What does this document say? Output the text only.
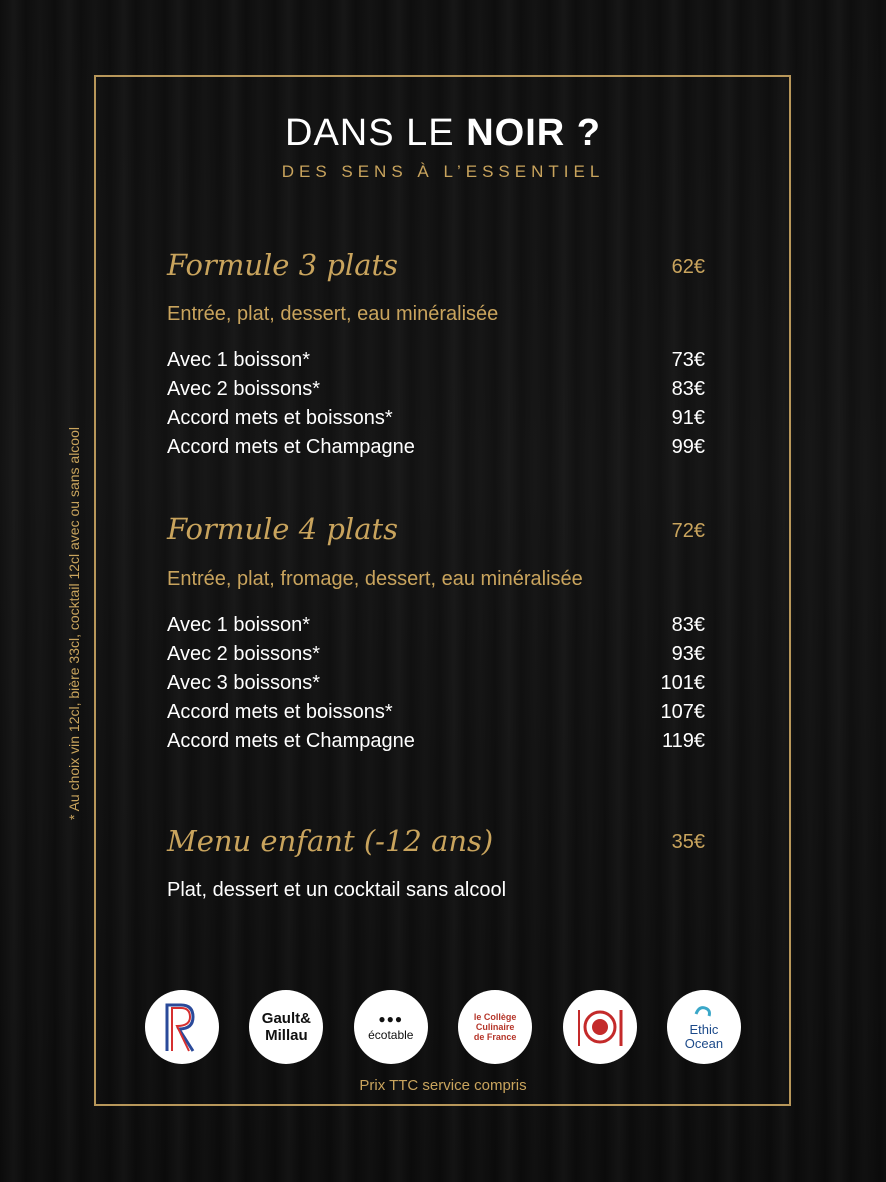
DANS LE NOIR ?
DES SENS À L’ESSENTIEL
Formule 3 plats	62€
Entrée, plat, dessert, eau minéralisée
Avec 1 boisson*	73€
Avec 2 boissons*	83€
Accord mets et boissons*	91€
Accord mets et Champagne	99€
Formule 4 plats	72€
Entrée, plat, fromage, dessert, eau minéralisée
Avec 1 boisson*	83€
Avec 2 boissons*	93€
Avec 3 boissons*	101€
Accord mets et boissons*	107€
Accord mets et Champagne	119€
Menu enfant (-12 ans)	35€
Plat, dessert et un cocktail sans alcool
* Au choix vin 12cl, bière 33cl, cocktail 12cl avec ou sans alcool
Gault&
Millau
●●●
écotable
le Collège
Culinaire
de France
Ethic
Ocean
Prix TTC service compris
